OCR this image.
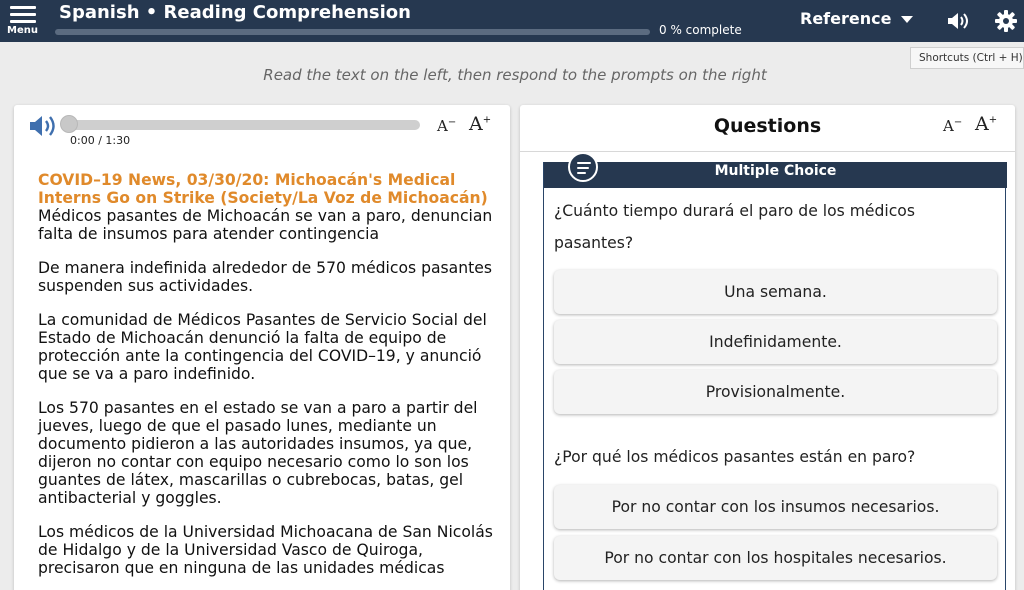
Menu
Spanish • Reading Comprehension
0 % complete
Reference
Shortcuts (Ctrl + H)
Read the text on the left, then respond to the prompts on the right
0:00 / 1:30
A− A+
COVID–19 News, 03/30/20: Michoacán's Medical Interns Go on Strike (Society/La Voz de Michoacán)

Médicos pasantes de Michoacán se van a paro, denuncian falta de insumos para atender contingencia

De manera indefinida alrededor de 570 médicos pasantes suspenden sus actividades.

La comunidad de Médicos Pasantes de Servicio Social del Estado de Michoacán denunció la falta de equipo de protección ante la contingencia del COVID–19, y anunció que se va a paro indefinido.

Los 570 pasantes en el estado se van a paro a partir del jueves, luego de que el pasado lunes, mediante un documento pidieron a las autoridades insumos, ya que, dijeron no contar con equipo necesario como lo son los guantes de látex, mascarillas o cubrebocas, batas, gel antibacterial y goggles.

Los médicos de la Universidad Michoacana de San Nicolás de Hidalgo y de la Universidad Vasco de Quiroga, precisaron que en ninguna de las unidades médicas

Questions	A− A+
Multiple Choice
¿Cuánto tiempo durará el paro de los médicos pasantes?
Una semana.
Indefinidamente.
Provisionalmente.
¿Por qué los médicos pasantes están en paro?
Por no contar con los insumos necesarios.
Por no contar con los hospitales necesarios.
